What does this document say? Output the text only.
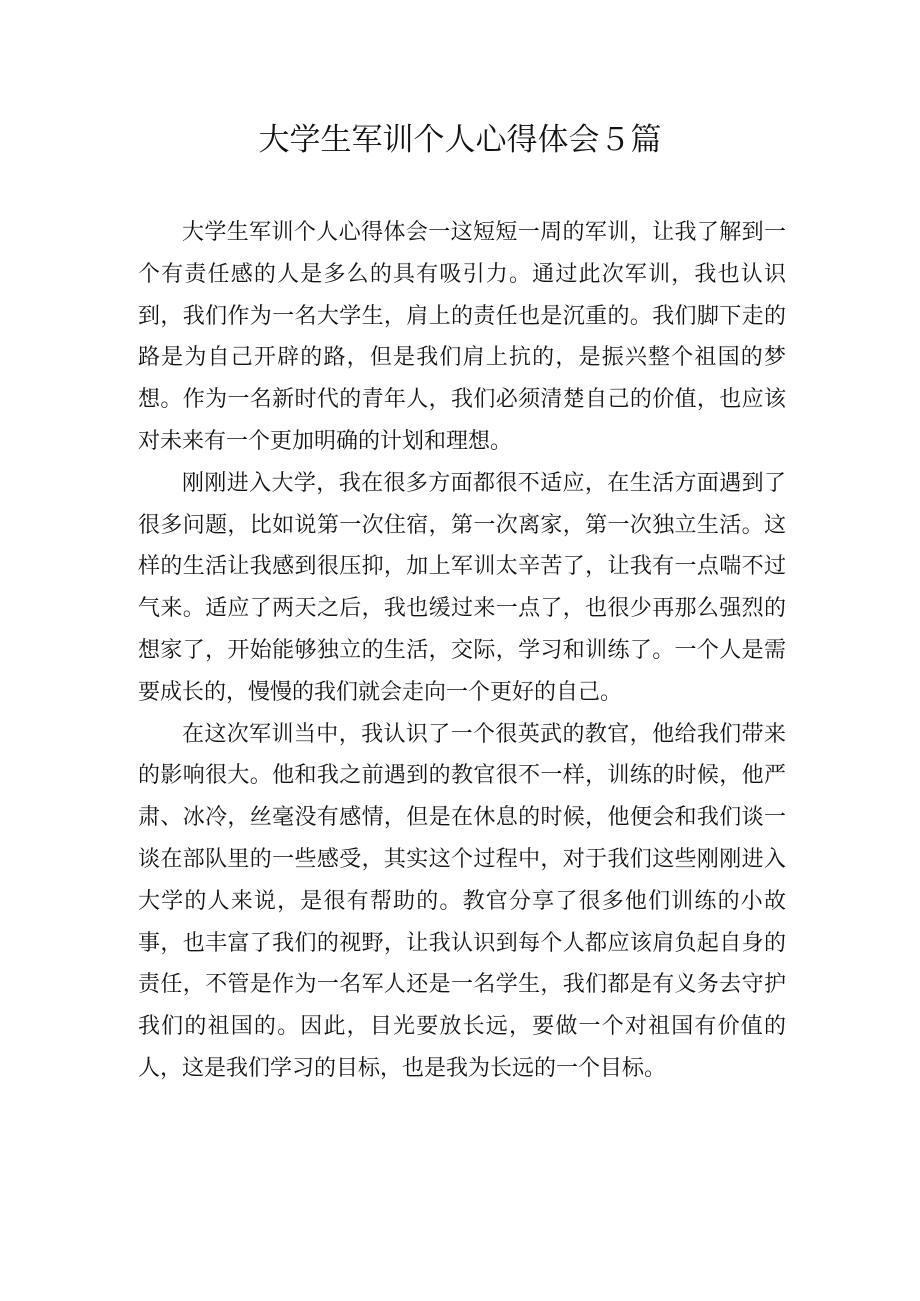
大学生军训个人心得体会５篇

大学生军训个人心得体会一这短短一周的军训，让我了解到一个有责任感的人是多么的具有吸引力。通过此次军训，我也认识到，我们作为一名大学生，肩上的责任也是沉重的。我们脚下走的路是为自己开辟的路，但是我们肩上抗的，是振兴整个祖国的梦想。作为一名新时代的青年人，我们必须清楚自己的价值，也应该对未来有一个更加明确的计划和理想。

刚刚进入大学，我在很多方面都很不适应，在生活方面遇到了很多问题，比如说第一次住宿，第一次离家，第一次独立生活。这样的生活让我感到很压抑，加上军训太辛苦了，让我有一点喘不过气来。适应了两天之后，我也缓过来一点了，也很少再那么强烈的想家了，开始能够独立的生活，交际，学习和训练了。一个人是需要成长的，慢慢的我们就会走向一个更好的自己。

在这次军训当中，我认识了一个很英武的教官，他给我们带来的影响很大。他和我之前遇到的教官很不一样，训练的时候，他严肃、冰冷，丝毫没有感情，但是在休息的时候，他便会和我们谈一谈在部队里的一些感受，其实这个过程中，对于我们这些刚刚进入大学的人来说，是很有帮助的。教官分享了很多他们训练的小故事，也丰富了我们的视野，让我认识到每个人都应该肩负起自身的责任，不管是作为一名军人还是一名学生，我们都是有义务去守护我们的祖国的。因此，目光要放长远，要做一个对祖国有价值的人，这是我们学习的目标，也是我为长远的一个目标。
